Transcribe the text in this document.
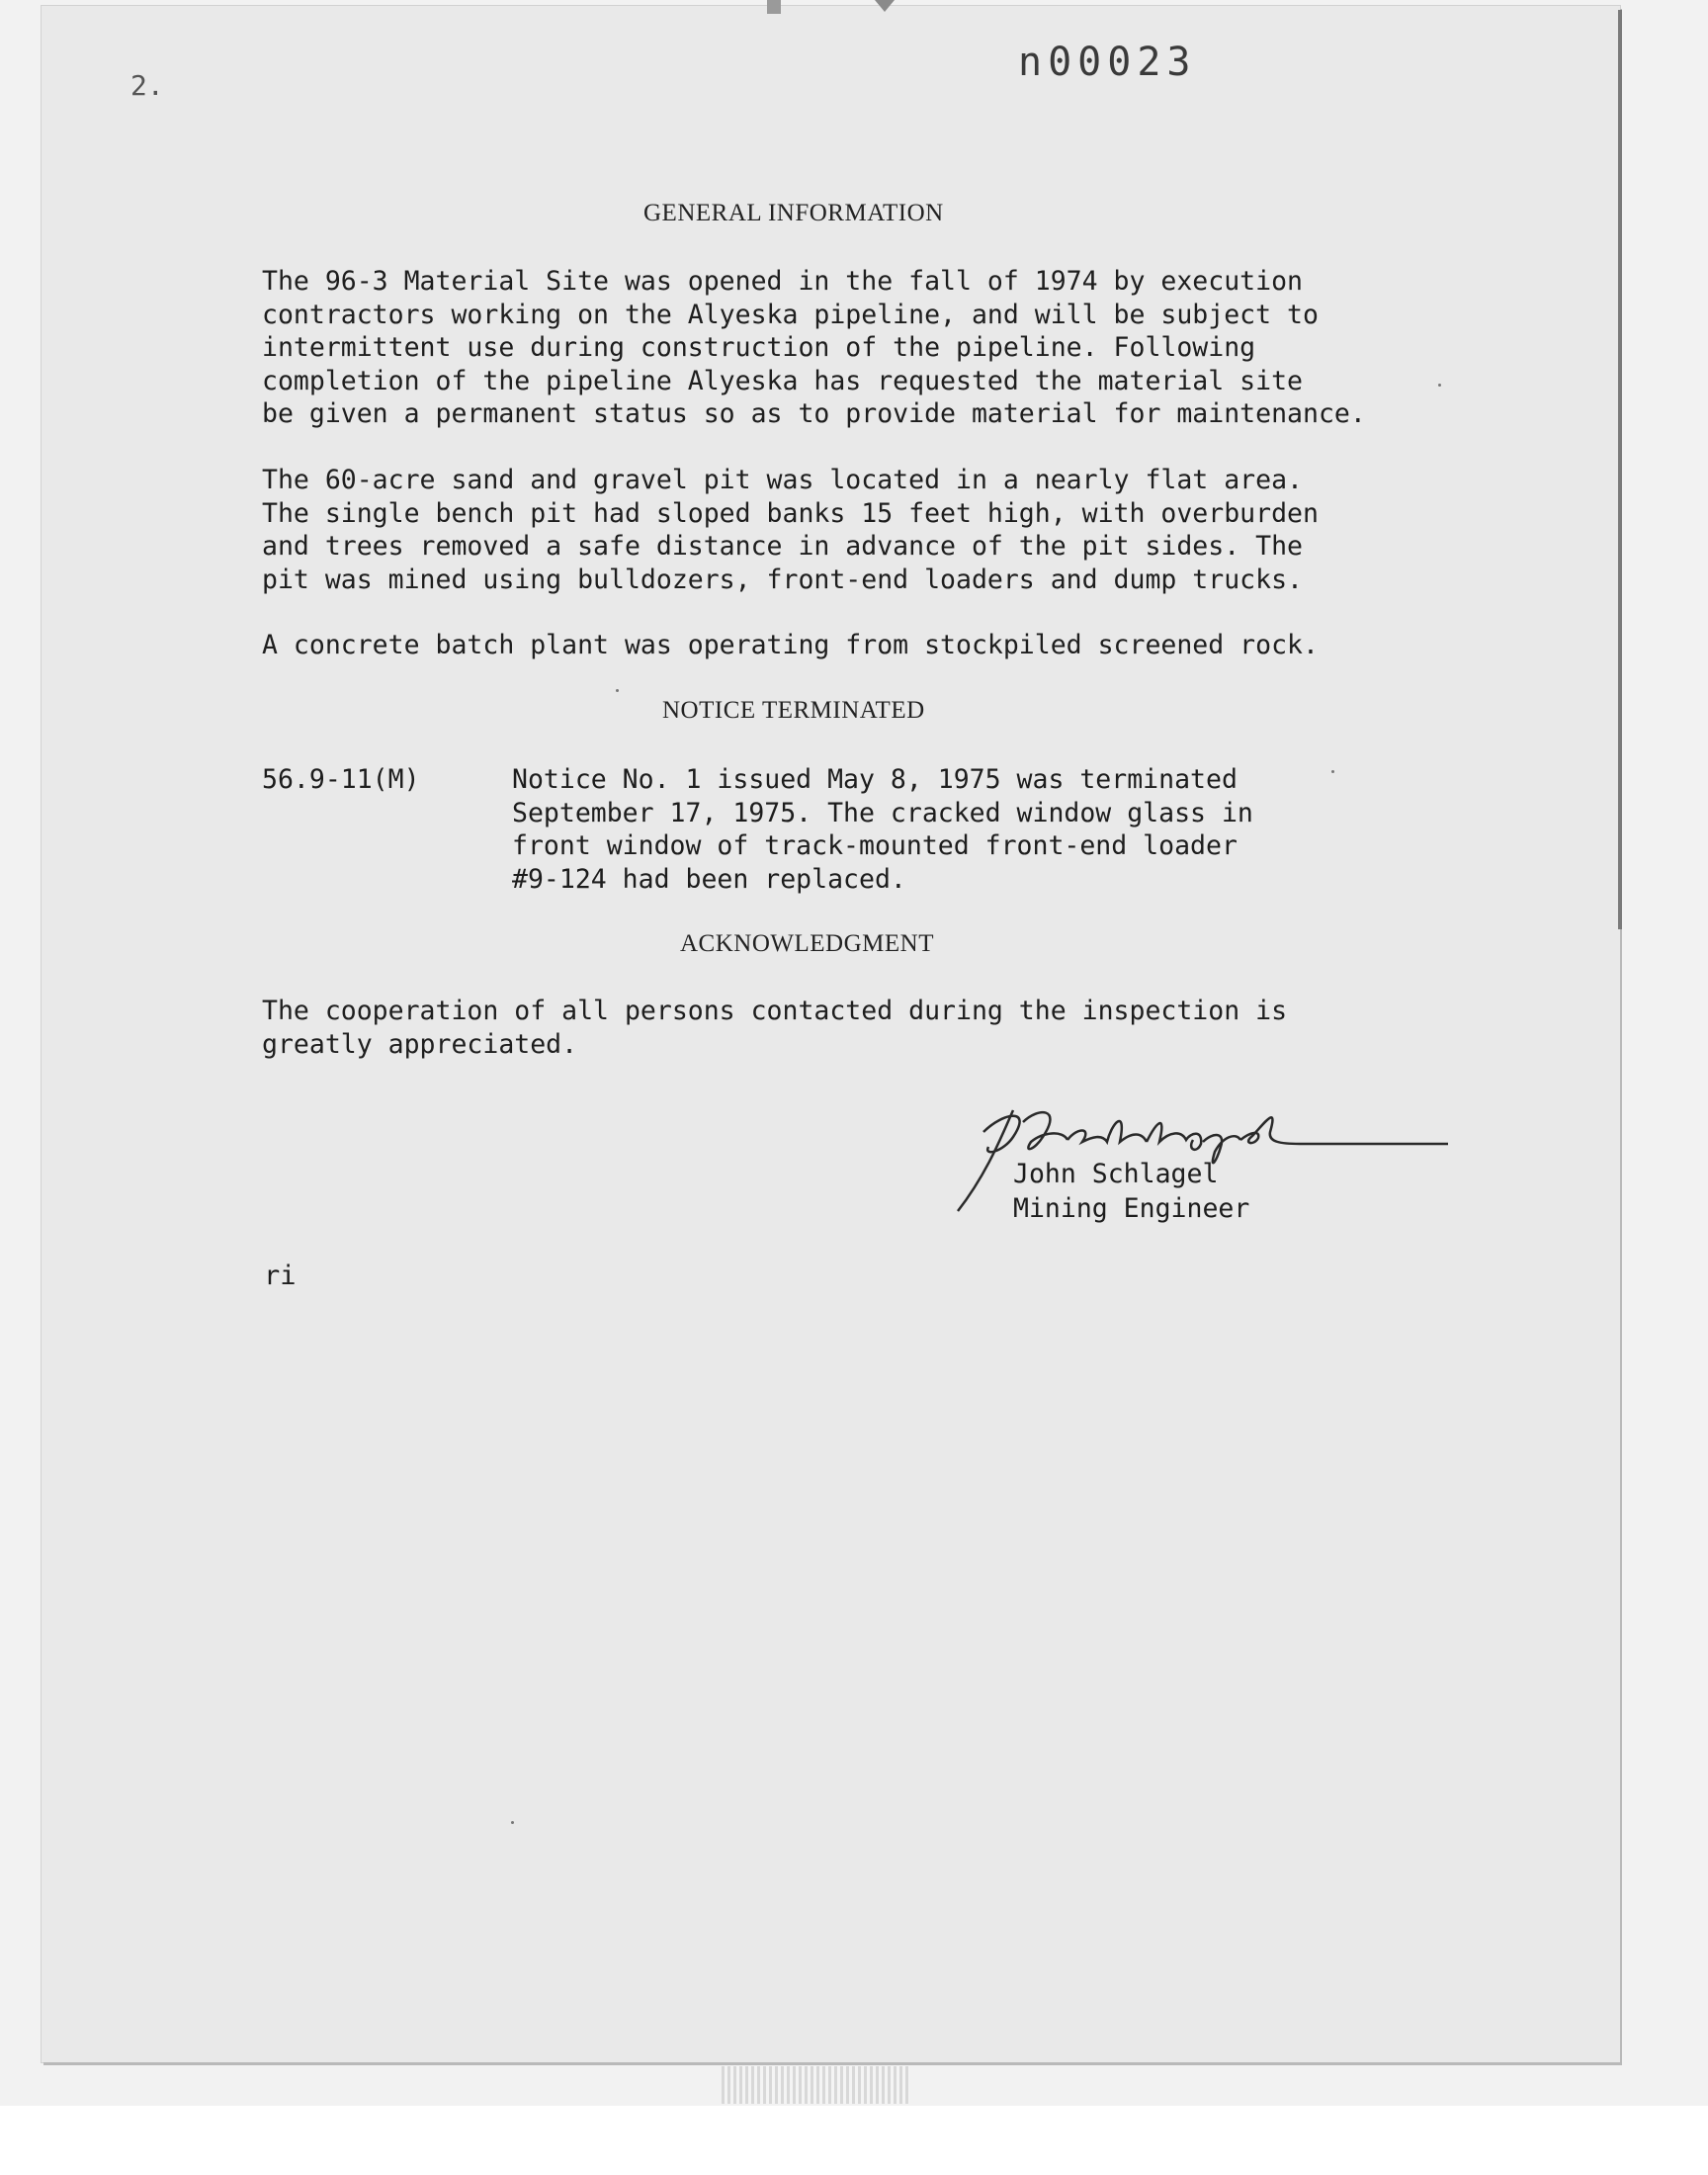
2.
n00023
GENERAL INFORMATION
The 96-3 Material Site was opened in the fall of 1974 by execution
contractors working on the Alyeska pipeline, and will be subject to
intermittent use during construction of the pipeline. Following
completion of the pipeline Alyeska has requested the material site
be given a permanent status so as to provide material for maintenance.
The 60-acre sand and gravel pit was located in a nearly flat area.
The single bench pit had sloped banks 15 feet high, with overburden
and trees removed a safe distance in advance of the pit sides. The
pit was mined using bulldozers, front-end loaders and dump trucks.
A concrete batch plant was operating from stockpiled screened rock.
NOTICE TERMINATED
56.9-11(M)	Notice No. 1 issued May 8, 1975 was terminated
September 17, 1975. The cracked window glass in
front window of track-mounted front-end loader
#9-124 had been replaced.
ACKNOWLEDGMENT
The cooperation of all persons contacted during the inspection is
greatly appreciated.
John Schlagel
Mining Engineer
ri
